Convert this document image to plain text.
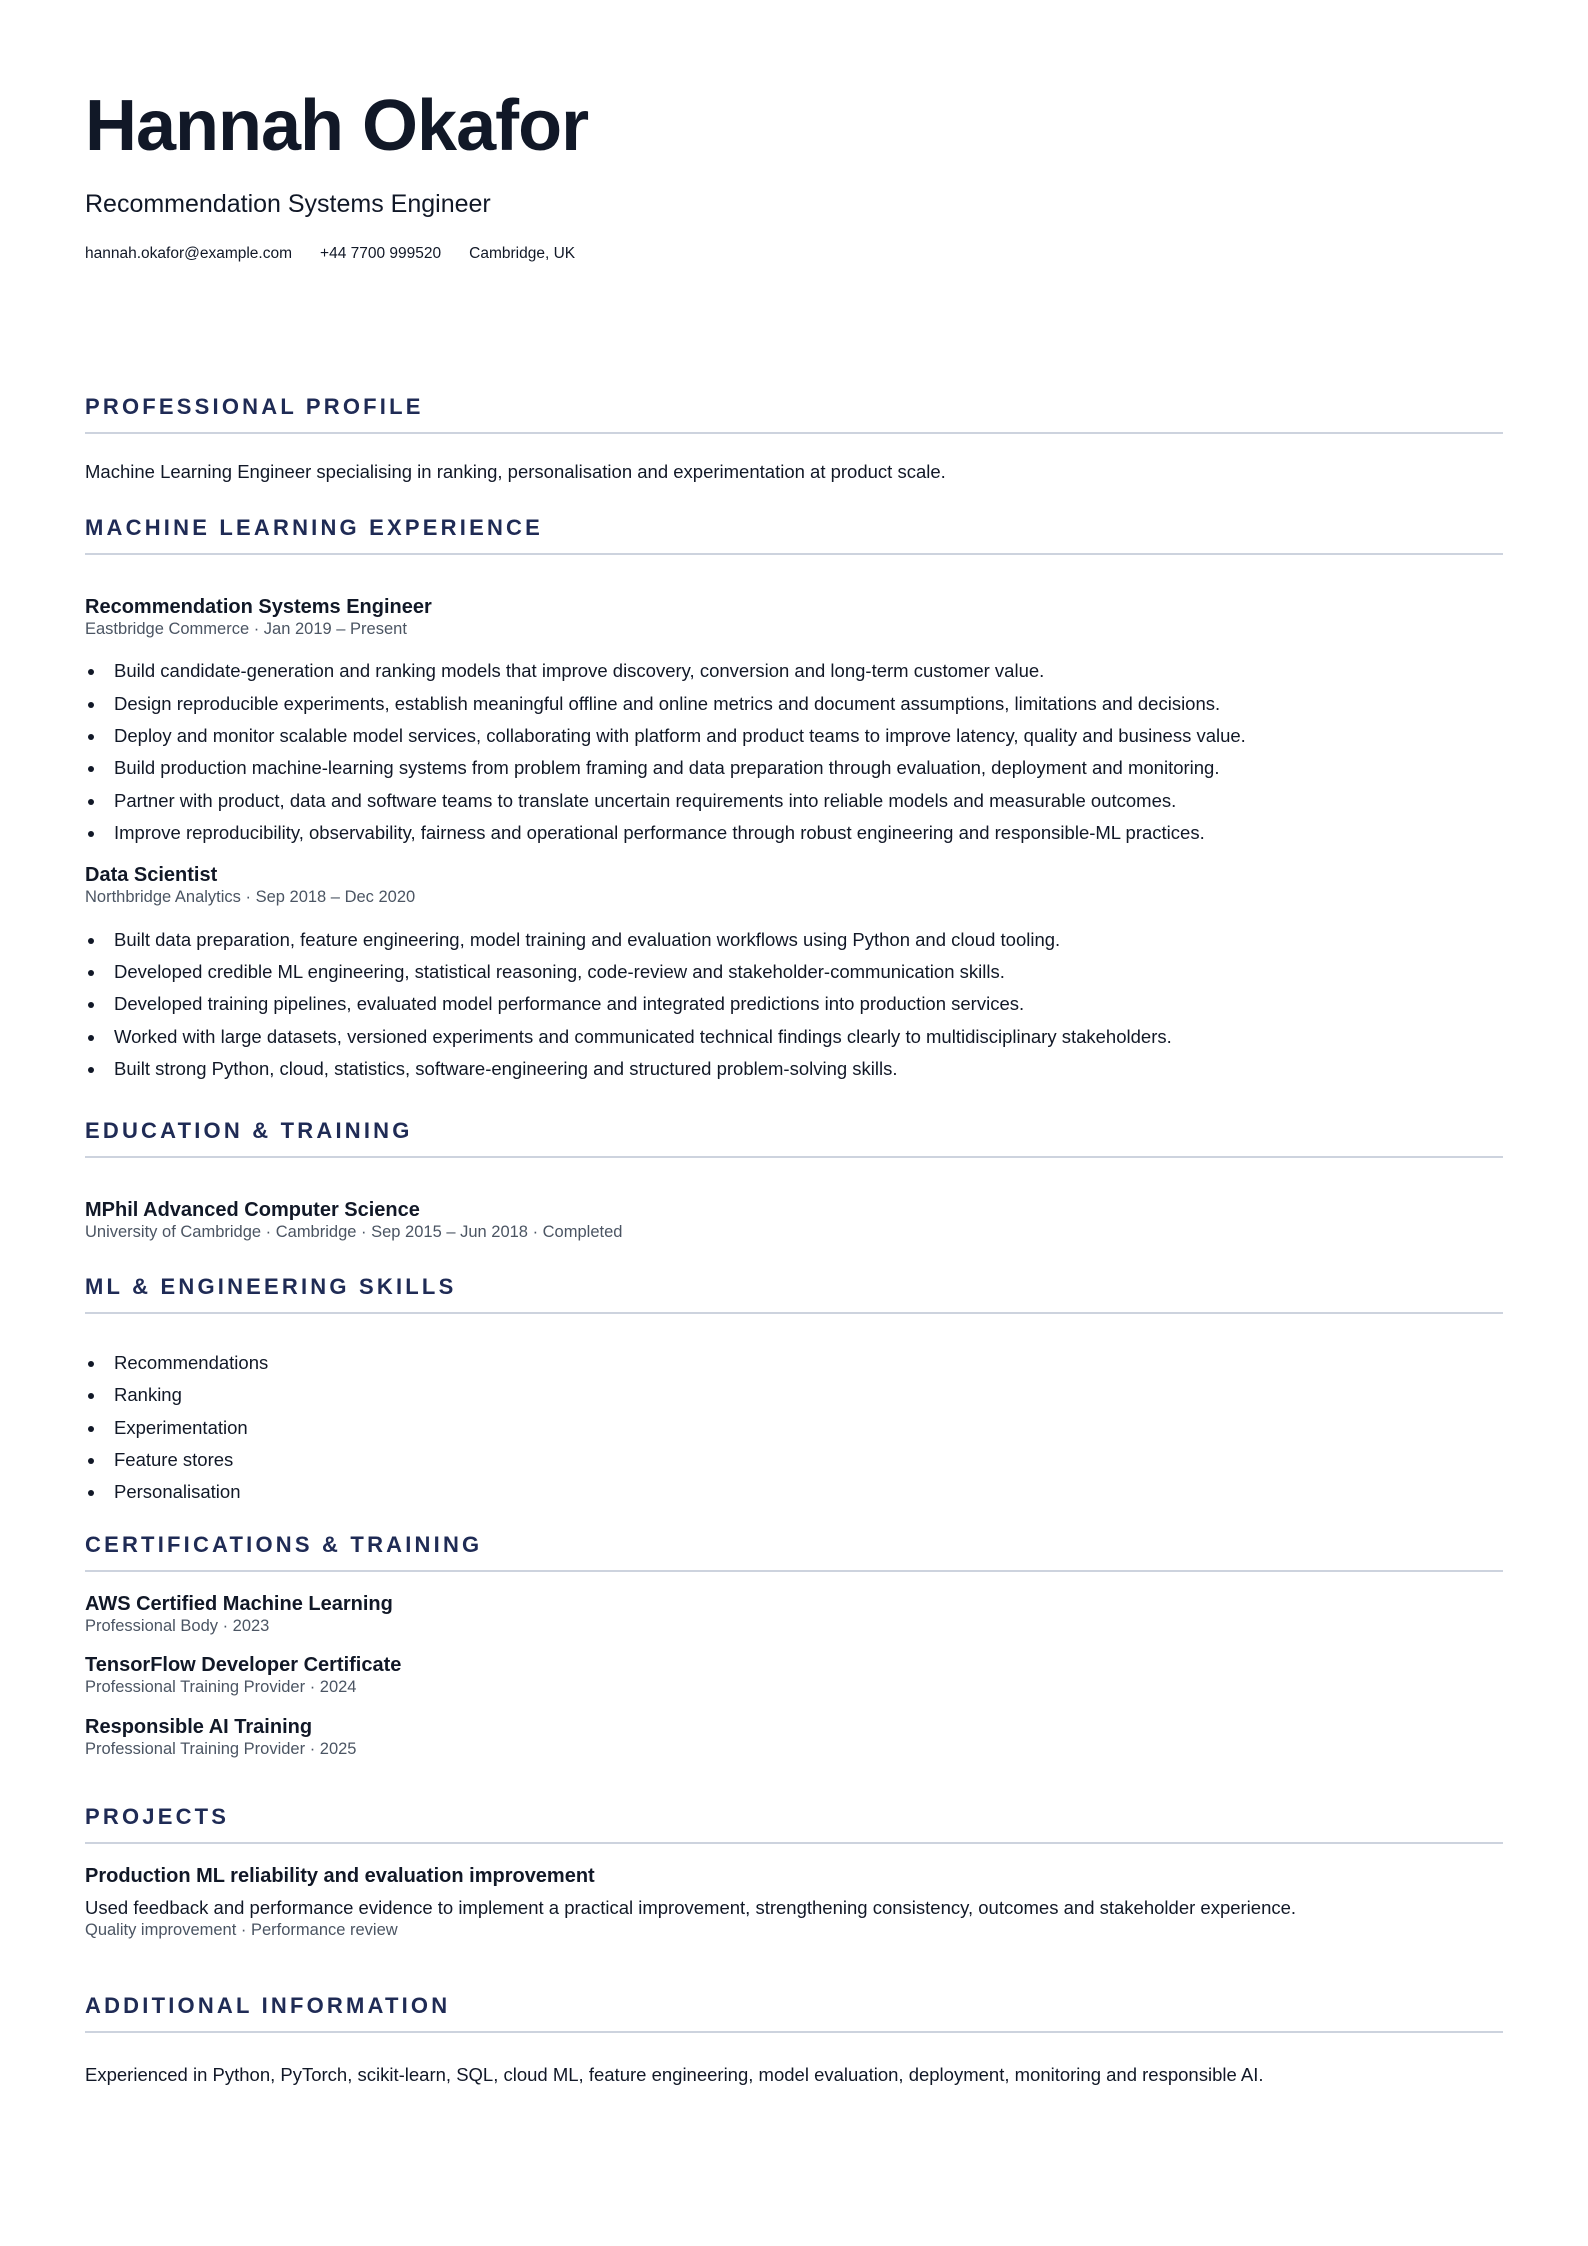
Hannah Okafor
Recommendation Systems Engineer
hannah.okafor@example.com +44 7700 999520 Cambridge, UK
PROFESSIONAL PROFILE
Machine Learning Engineer specialising in ranking, personalisation and experimentation at product scale.
MACHINE LEARNING EXPERIENCE
Recommendation Systems Engineer
Eastbridge Commerce · Jan 2019 – Present
Build candidate-generation and ranking models that improve discovery, conversion and long-term customer value.
Design reproducible experiments, establish meaningful offline and online metrics and document assumptions, limitations and decisions.
Deploy and monitor scalable model services, collaborating with platform and product teams to improve latency, quality and business value.
Build production machine-learning systems from problem framing and data preparation through evaluation, deployment and monitoring.
Partner with product, data and software teams to translate uncertain requirements into reliable models and measurable outcomes.
Improve reproducibility, observability, fairness and operational performance through robust engineering and responsible-ML practices.
Data Scientist
Northbridge Analytics · Sep 2018 – Dec 2020
Built data preparation, feature engineering, model training and evaluation workflows using Python and cloud tooling.
Developed credible ML engineering, statistical reasoning, code-review and stakeholder-communication skills.
Developed training pipelines, evaluated model performance and integrated predictions into production services.
Worked with large datasets, versioned experiments and communicated technical findings clearly to multidisciplinary stakeholders.
Built strong Python, cloud, statistics, software-engineering and structured problem-solving skills.
EDUCATION & TRAINING
MPhil Advanced Computer Science
University of Cambridge · Cambridge · Sep 2015 – Jun 2018 · Completed
ML & ENGINEERING SKILLS
Recommendations
Ranking
Experimentation
Feature stores
Personalisation
CERTIFICATIONS & TRAINING
AWS Certified Machine Learning
Professional Body · 2023
TensorFlow Developer Certificate
Professional Training Provider · 2024
Responsible AI Training
Professional Training Provider · 2025
PROJECTS
Production ML reliability and evaluation improvement
Used feedback and performance evidence to implement a practical improvement, strengthening consistency, outcomes and stakeholder experience.
Quality improvement · Performance review
ADDITIONAL INFORMATION
Experienced in Python, PyTorch, scikit-learn, SQL, cloud ML, feature engineering, model evaluation, deployment, monitoring and responsible AI.
